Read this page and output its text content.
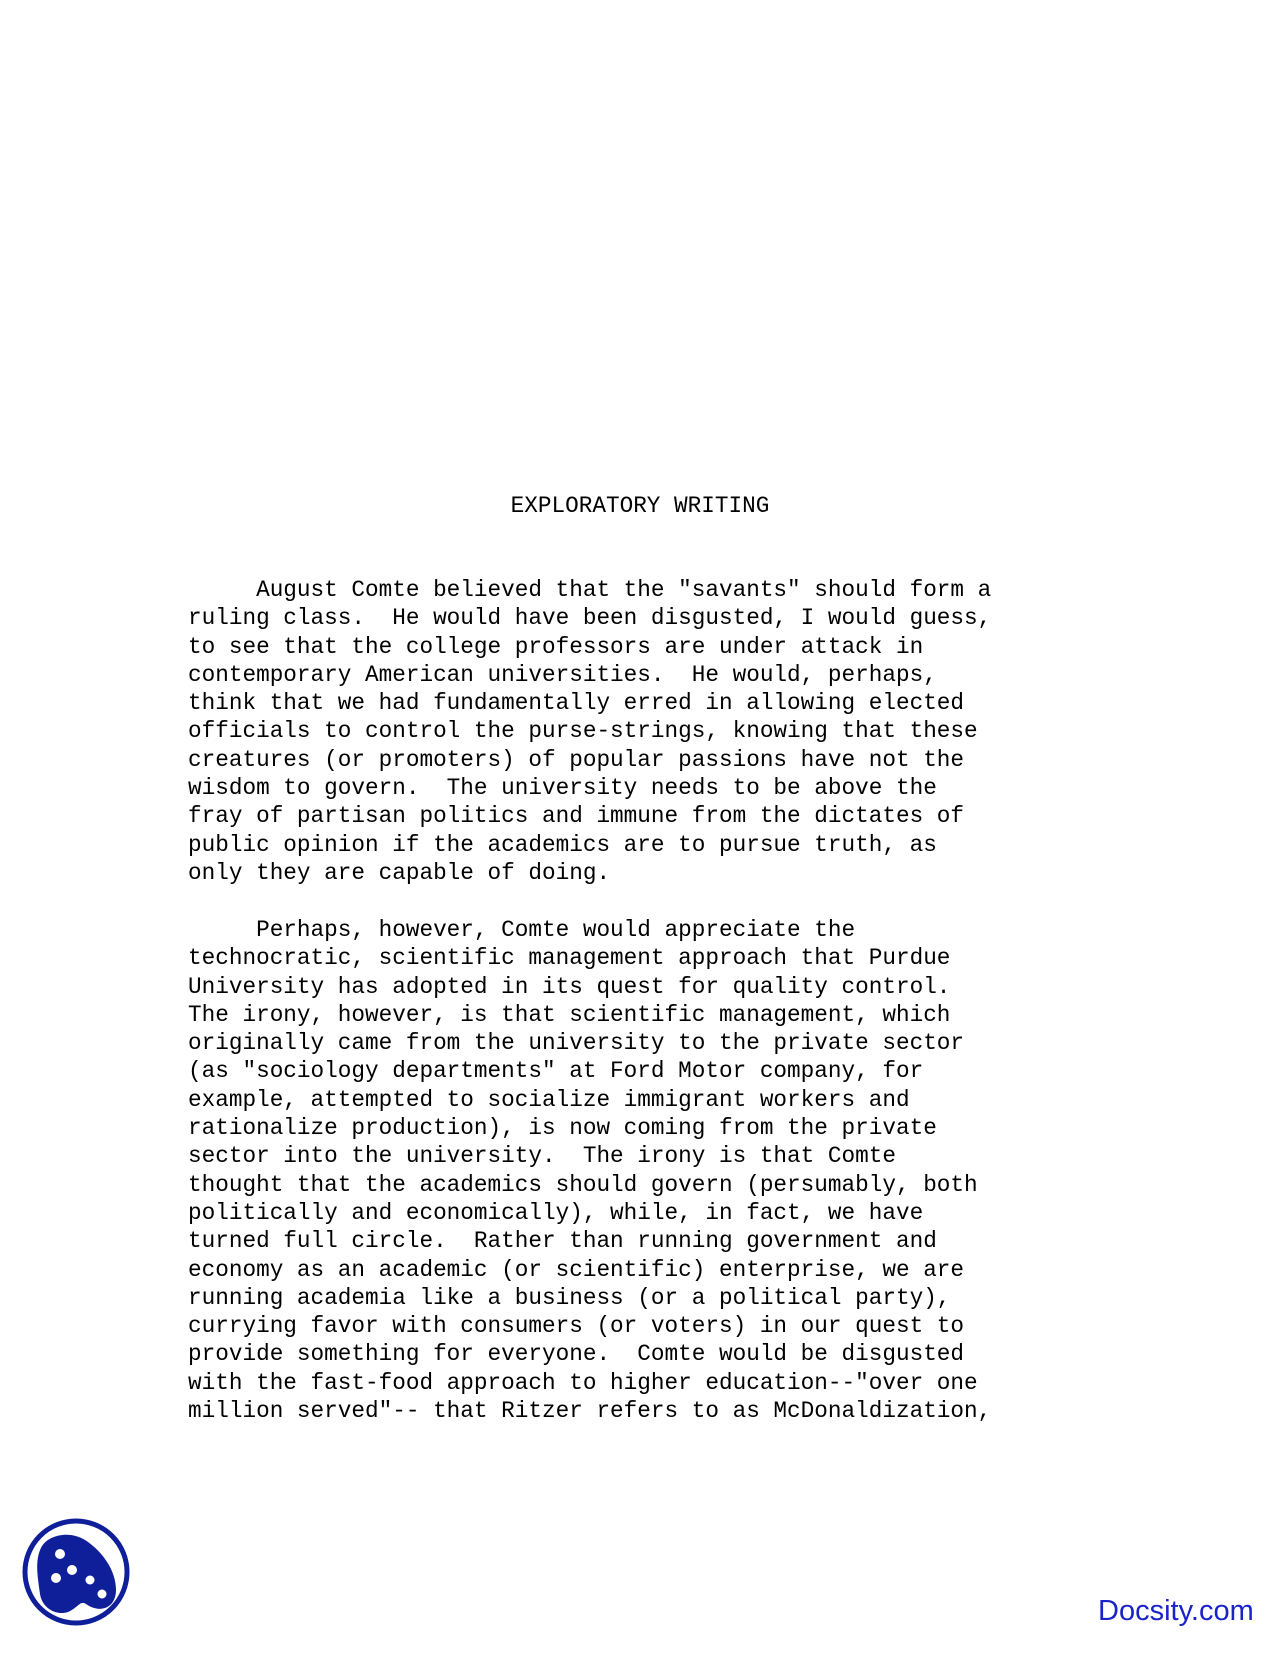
EXPLORATORY WRITING
August Comte believed that the "savants" should form a
ruling class.  He would have been disgusted, I would guess,
to see that the college professors are under attack in
contemporary American universities.  He would, perhaps,
think that we had fundamentally erred in allowing elected
officials to control the purse-strings, knowing that these
creatures (or promoters) of popular passions have not the
wisdom to govern.  The university needs to be above the
fray of partisan politics and immune from the dictates of
public opinion if the academics are to pursue truth, as
only they are capable of doing.
Perhaps, however, Comte would appreciate the
technocratic, scientific management approach that Purdue
University has adopted in its quest for quality control.
The irony, however, is that scientific management, which
originally came from the university to the private sector
(as "sociology departments" at Ford Motor company, for
example, attempted to socialize immigrant workers and
rationalize production), is now coming from the private
sector into the university.  The irony is that Comte
thought that the academics should govern (persumably, both
politically and economically), while, in fact, we have
turned full circle.  Rather than running government and
economy as an academic (or scientific) enterprise, we are
running academia like a business (or a political party),
currying favor with consumers (or voters) in our quest to
provide something for everyone.  Comte would be disgusted
with the fast-food approach to higher education--"over one
million served"-- that Ritzer refers to as McDonaldization,
Docsity.com
